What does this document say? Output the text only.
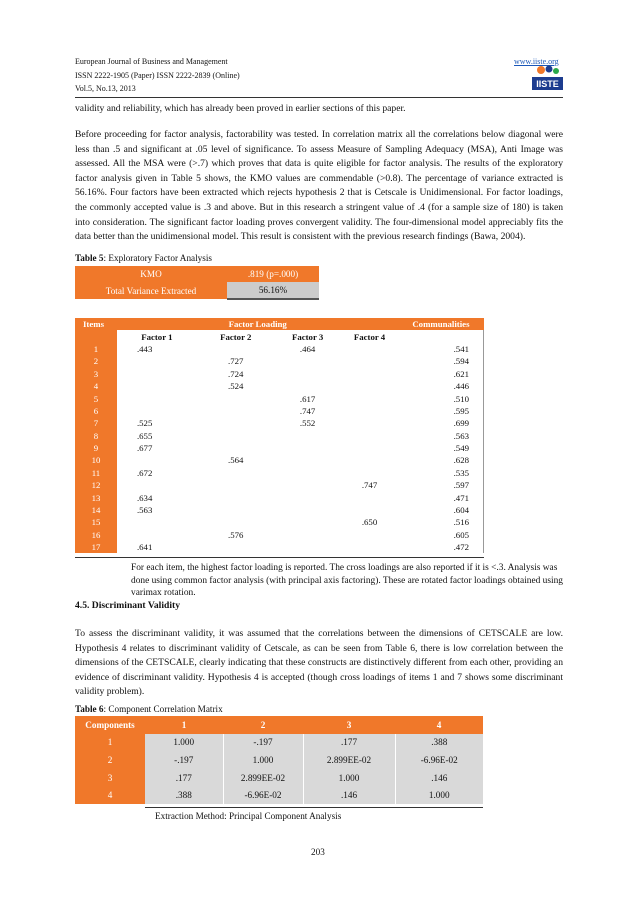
European Journal of Business and Management
ISSN 2222-1905 (Paper) ISSN 2222-2839 (Online)
Vol.5, No.13, 2013
www.iiste.org
IISTE
validity and reliability, which has already been proved in earlier sections of this paper.
Before proceeding for factor analysis, factorability was tested. In correlation matrix all the correlations below diagonal were less than .5 and significant at .05 level of significance. To assess Measure of Sampling Adequacy (MSA), Anti Image was assessed. All the MSA were (>.7) which proves that data is quite eligible for factor analysis. The results of the exploratory factor analysis given in Table 5 shows, the KMO values are commendable (>0.8). The percentage of variance extracted is 56.16%. Four factors have been extracted which rejects hypothesis 2 that is Cetscale is Unidimensional. For factor loadings, the commonly accepted value is .3 and above. But in this research a stringent value of .4 (for a sample size of 180) is taken into consideration. The significant factor loading proves convergent validity. The four-dimensional model appreciably fits the data better than the unidimensional model. This result is consistent with the previous research findings (Bawa, 2004).
Table 5: Exploratory Factor Analysis
KMO	.819 (p=.000)
Total Variance Extracted	56.16%
Items	Factor Loading				Communalities
	Factor 1	Factor 2	Factor 3	Factor 4	
1	.443		.464		.541
2		.727			.594
3		.724			.621
4		.524			.446
5			.617		.510
6			.747		.595
7	.525		.552		.699
8	.655				.563
9	.677				.549
10		.564			.628
11	.672				.535
12				.747	.597
13	.634				.471
14	.563				.604
15				.650	.516
16		.576			.605
17	.641				.472
For each item, the highest factor loading is reported. The cross loadings are also reported if it is <.3. Analysis was done using common factor analysis (with principal axis factoring). These are rotated factor loadings obtained using varimax rotation.
4.5. Discriminant Validity
To assess the discriminant validity, it was assumed that the correlations between the dimensions of CETSCALE are low. Hypothesis 4 relates to discriminant validity of Cetscale, as can be seen from Table 6, there is low correlation between the dimensions of the CETSCALE, clearly indicating that these constructs are distinctively different from each other, providing an evidence of discriminant validity. Hypothesis 4 is accepted (though cross loadings of items 1 and 7 shows some discriminant validity problem).
Table 6: Component Correlation Matrix
Components	1	2	3	4
1	1.000	-.197	.177	.388
2	-.197	1.000	2.899EE-02	-6.96E-02
3	.177	2.899EE-02	1.000	.146
4	.388	-6.96E-02	.146	1.000
Extraction Method: Principal Component Analysis
203
